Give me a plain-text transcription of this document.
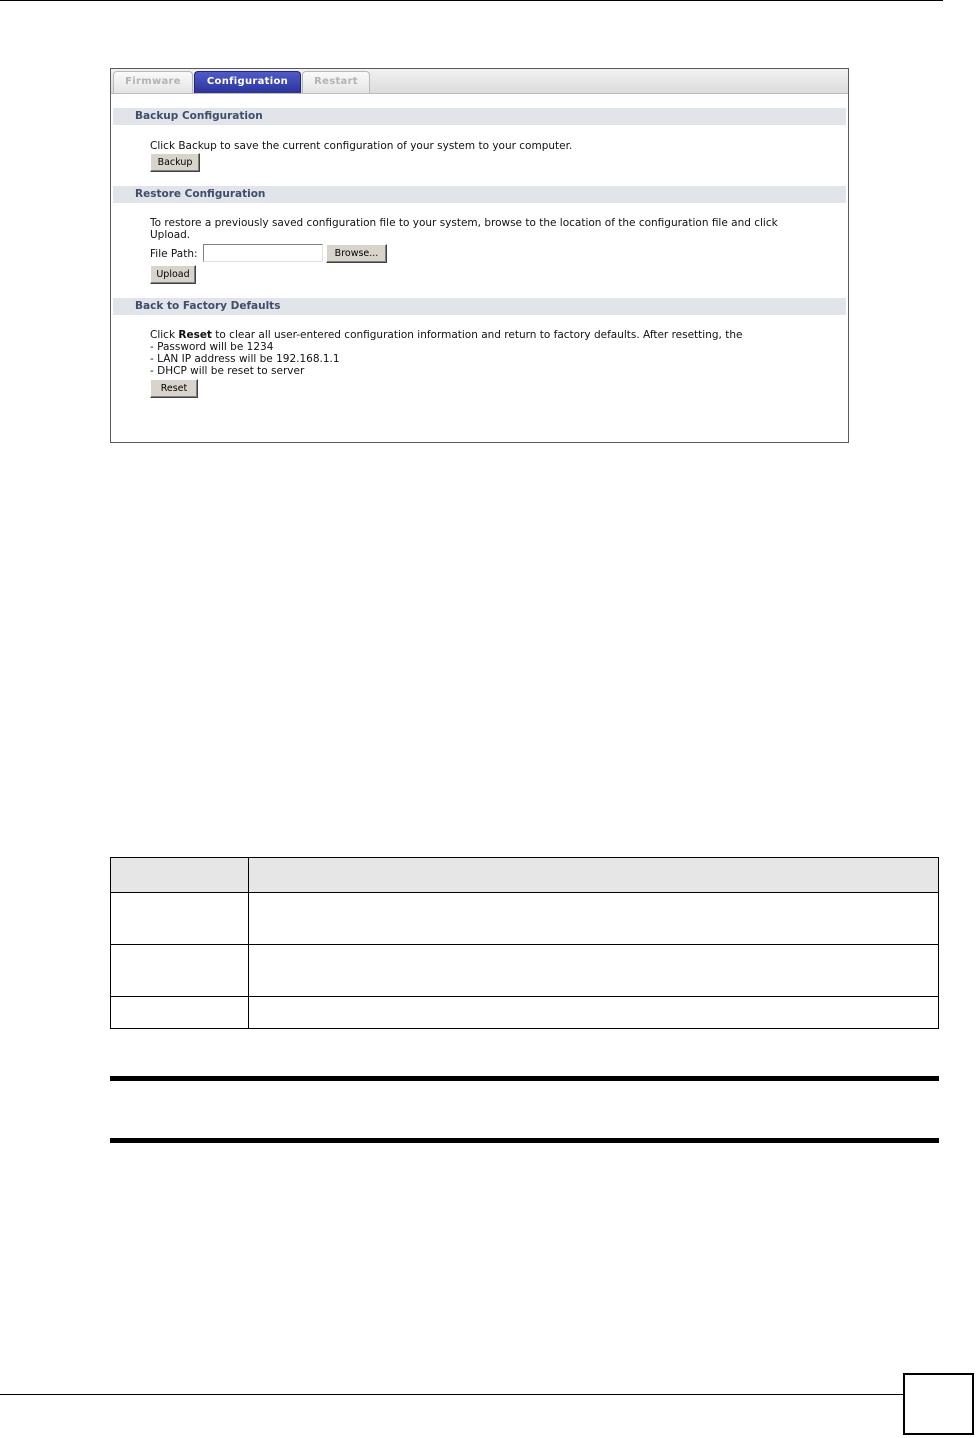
Firmware	Configuration	Restart
Backup Configuration
Click Backup to save the current configuration of your system to your computer.
Backup
Restore Configuration
To restore a previously saved configuration file to your system, browse to the location of the configuration file and click
Upload.
File Path:	Browse...
Upload
Back to Factory Defaults
Click Reset to clear all user-entered configuration information and return to factory defaults. After resetting, the
- Password will be 1234
- LAN IP address will be 192.168.1.1
- DHCP will be reset to server
Reset
